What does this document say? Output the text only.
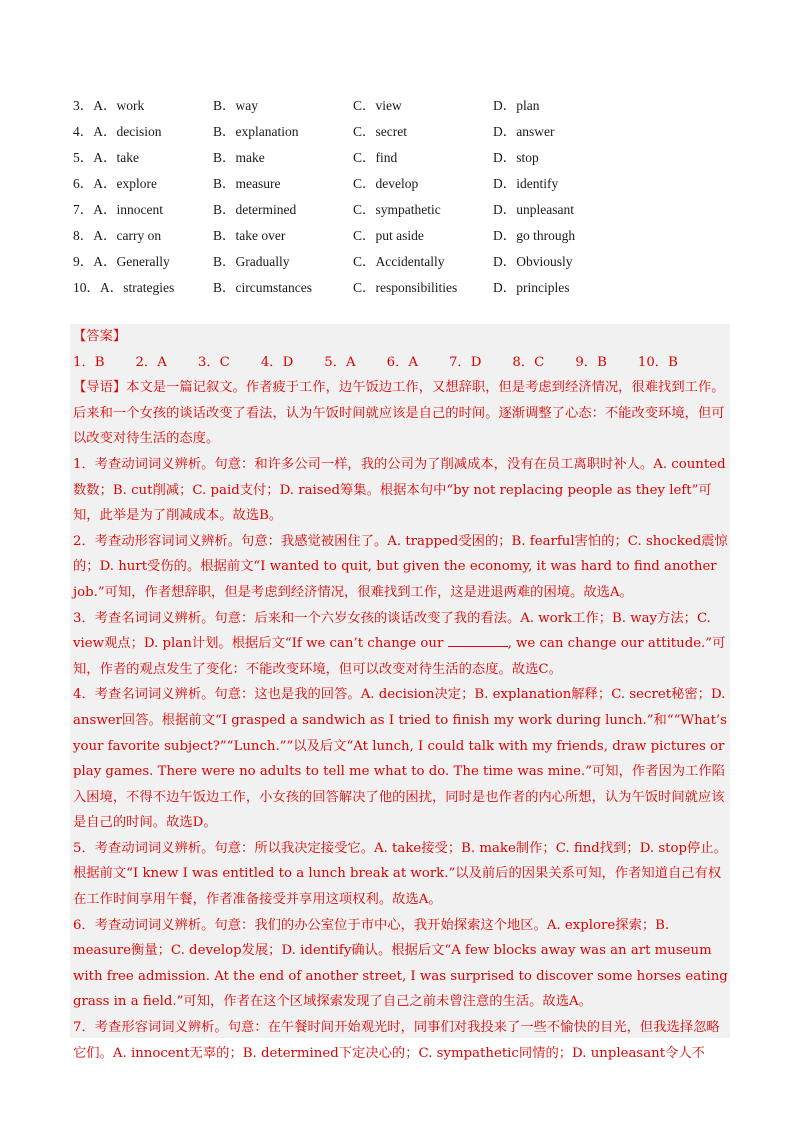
3．A．work	B．way	C．view	D．plan
4．A．decision	B．explanation	C．secret	D．answer
5．A．take	B．make	C．find	D．stop
6．A．explore	B．measure	C．develop	D．identify
7．A．innocent	B．determined	C．sympathetic	D．unpleasant
8．A．carry on	B．take over	C．put aside	D．go through
9．A．Generally	B．Gradually	C．Accidentally	D．Obviously
10．A．strategies	B．circumstances	C．responsibilities	D．principles

【答案】

1．B 2．A 3．C 4．D 5．A 6．A 7．D 8．C 9．B 10．B

【导语】本文是一篇记叙文。作者疲于工作，边午饭边工作，又想辞职，但是考虑到经济情况，很难找到工作。后来和一个女孩的谈话改变了看法，认为午饭时间就应该是自己的时间。逐渐调整了心态：不能改变环境，但可以改变对待生活的态度。

1．考查动词词义辨析。句意：和许多公司一样，我的公司为了削减成本，没有在员工离职时补人。A. counted数数；B. cut削减；C. paid支付；D. raised筹集。根据本句中“by not replacing people as they left”可知，此举是为了削减成本。故选B。

2．考查动形容词词义辨析。句意：我感觉被困住了。A. trapped受困的；B. fearful害怕的；C. shocked震惊的；D. hurt受伤的。根据前文“I wanted to quit, but given the economy, it was hard to find another job.”可知，作者想辞职，但是考虑到经济情况，很难找到工作，这是进退两难的困境。故选A。

3．考查名词词义辨析。句意：后来和一个六岁女孩的谈话改变了我的看法。A. work工作；B. way方法；C. view观点；D. plan计划。根据后文“If we can’t change our	, we can change our attitude.”可知，作者的观点发生了变化：不能改变环境，但可以改变对待生活的态度。故选C。

4．考查名词词义辨析。句意：这也是我的回答。A. decision决定；B. explanation解释；C. secret秘密；D. answer回答。根据前文“I grasped a sandwich as I tried to finish my work during lunch.”和““What’s your favorite subject?”“Lunch.””以及后文“At lunch, I could talk with my friends, draw pictures or play games. There were no adults to tell me what to do. The time was mine.”可知，作者因为工作陷入困境，不得不边午饭边工作，小女孩的回答解决了他的困扰，同时是也作者的内心所想，认为午饭时间就应该是自己的时间。故选D。

5．考查动词词义辨析。句意：所以我决定接受它。A. take接受；B. make制作；C. find找到；D. stop停止。根据前文“I knew I was entitled to a lunch break at work.”以及前后的因果关系可知，作者知道自己有权在工作时间享用午餐，作者准备接受并享用这项权利。故选A。

6．考查动词词义辨析。句意：我们的办公室位于市中心，我开始探索这个地区。A. explore探索；B. measure衡量；C. develop发展；D. identify确认。根据后文“A few blocks away was an art museum with free admission. At the end of another street, I was surprised to discover some horses eating grass in a field.”可知，作者在这个区域探索发现了自己之前未曾注意的生活。故选A。

7．考查形容词词义辨析。句意：在午餐时间开始观光时，同事们对我投来了一些不愉快的目光，但我选择忽略它们。A. innocent无辜的；B. determined下定决心的；C. sympathetic同情的；D. unpleasant令人不
